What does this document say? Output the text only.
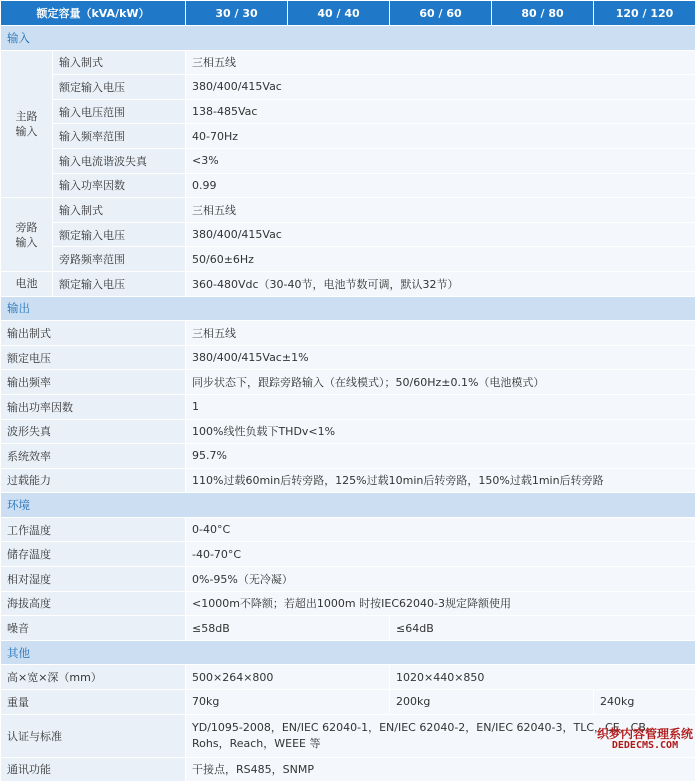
额定容量（kVA/kW）		30 / 30	40 / 40	60 / 60	80 / 80	120 / 120
输入						
主路输入	输入制式	三相五线				
	额定输入电压	380/400/415Vac				
	输入电压范围	138-485Vac				
	输入频率范围	40-70Hz				
	输入电流谐波失真	<3%				
	输入功率因数	0.99				
旁路输入	输入制式	三相五线				
	额定输入电压	380/400/415Vac				
	旁路频率范围	50/60±6Hz				
电池	额定输入电压	360-480Vdc（30-40节，电池节数可调，默认32节）				
输出						
输出制式		三相五线				
额定电压		380/400/415Vac±1%				
输出频率		同步状态下，跟踪旁路输入（在线模式）；50/60Hz±0.1%（电池模式）				
输出功率因数		1				
波形失真		100%线性负载下THDv<1%				
系统效率		95.7%				
过载能力		110%过载60min后转旁路，125%过载10min后转旁路，150%过载1min后转旁路				
环境						
工作温度		0-40°C				
储存温度		-40-70°C				
相对湿度		0%-95%（无冷凝）				
海拔高度		<1000m不降额；若超出1000m 时按IEC62040-3规定降额使用				
噪音		≤58dB		≤64dB		
其他						
高×宽×深（mm）		500×264×800		1020×440×850		
重量		70kg		200kg		240kg
认证与标准		YD/1095-2008，EN/IEC 62040-1，EN/IEC 62040-2，EN/IEC 62040-3，TLC，CE，CB，Rohs，Reach，WEEE 等				
通讯功能		干接点，RS485，SNMP				
织梦内容管理系统
DEDECMS.COM
